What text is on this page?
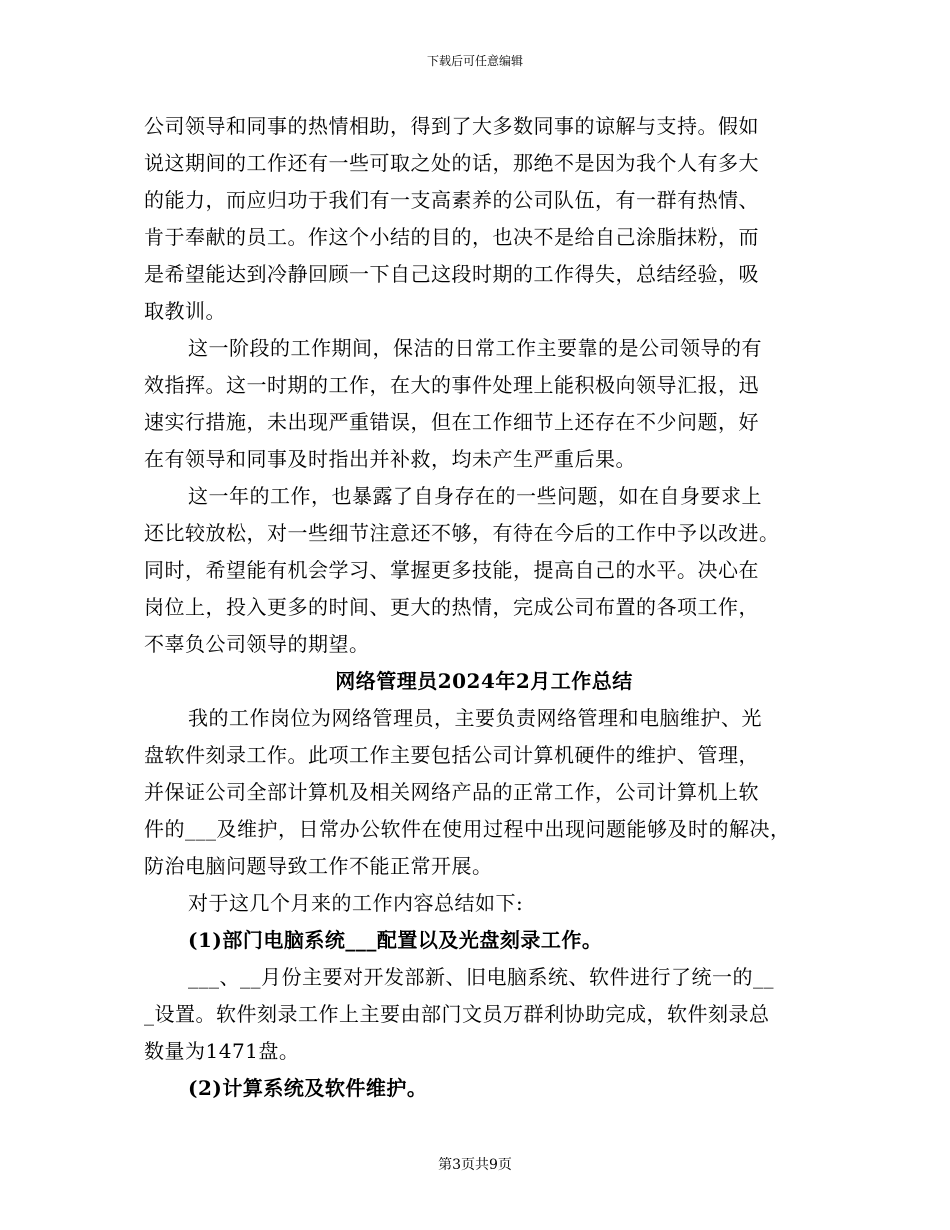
下载后可任意编辑
公司领导和同事的热情相助，得到了大多数同事的谅解与支持。假如
说这期间的工作还有一些可取之处的话，那绝不是因为我个人有多大
的能力，而应归功于我们有一支高素养的公司队伍，有一群有热情、
肯于奉献的员工。作这个小结的目的，也决不是给自己涂脂抹粉，而
是希望能达到冷静回顾一下自己这段时期的工作得失，总结经验，吸
取教训。
这一阶段的工作期间，保洁的日常工作主要靠的是公司领导的有
效指挥。这一时期的工作，在大的事件处理上能积极向领导汇报，迅
速实行措施，未出现严重错误，但在工作细节上还存在不少问题，好
在有领导和同事及时指出并补救，均未产生严重后果。
这一年的工作，也暴露了自身存在的一些问题，如在自身要求上
还比较放松，对一些细节注意还不够，有待在今后的工作中予以改进。
同时，希望能有机会学习、掌握更多技能，提高自己的水平。决心在
岗位上，投入更多的时间、更大的热情，完成公司布置的各项工作，
不辜负公司领导的期望。
网络管理员2024年2月工作总结
我的工作岗位为网络管理员，主要负责网络管理和电脑维护、光
盘软件刻录工作。此项工作主要包括公司计算机硬件的维护、管理，
并保证公司全部计算机及相关网络产品的正常工作，公司计算机上软
件的___及维护，日常办公软件在使用过程中出现问题能够及时的解决，
防治电脑问题导致工作不能正常开展。
对于这几个月来的工作内容总结如下:
(1)部门电脑系统___配置以及光盘刻录工作。
___、__月份主要对开发部新、旧电脑系统、软件进行了统一的__
_设置。软件刻录工作上主要由部门文员万群利协助完成，软件刻录总
数量为1471盘。
(2)计算系统及软件维护。
第3页共9页
